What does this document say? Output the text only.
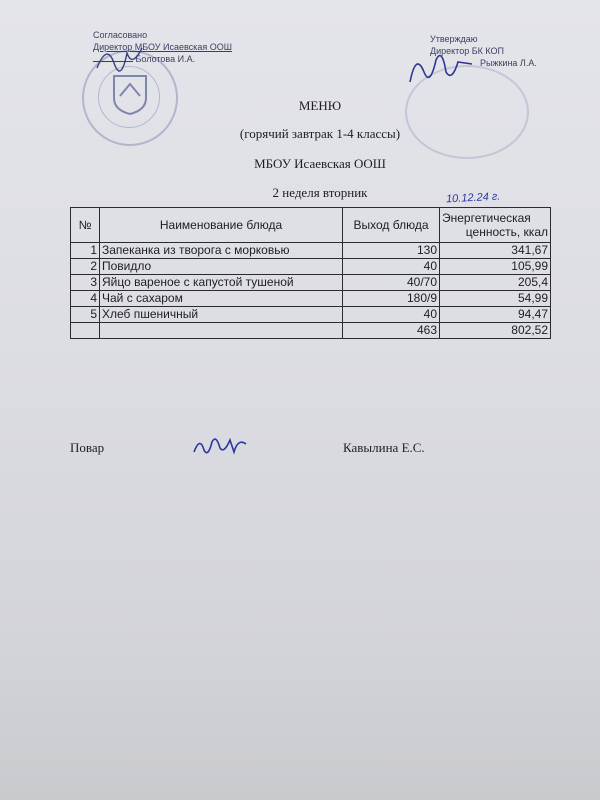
Согласовано
Директор МБОУ Исаевская ООШ
Болотова И.А.
Утверждаю
Директор БК КОП
Рыжкина Л.А.
МЕНЮ
(горячий завтрак 1-4 классы)
МБОУ Исаевская ООШ
2 неделя вторник	10.12.24 г.
№	Наименование блюда	Выход блюда	Энергетическая
ценность, ккал

1	Запеканка из творога с морковью	130	341,67
2	Повидло	40	105,99
3	Яйцо вареное с капустой тушеной	40/70	205,4
4	Чай с сахаром	180/9	54,99
5	Хлеб пшеничный	40	94,47
		463	802,52
Повар	Кавылина Е.С.
